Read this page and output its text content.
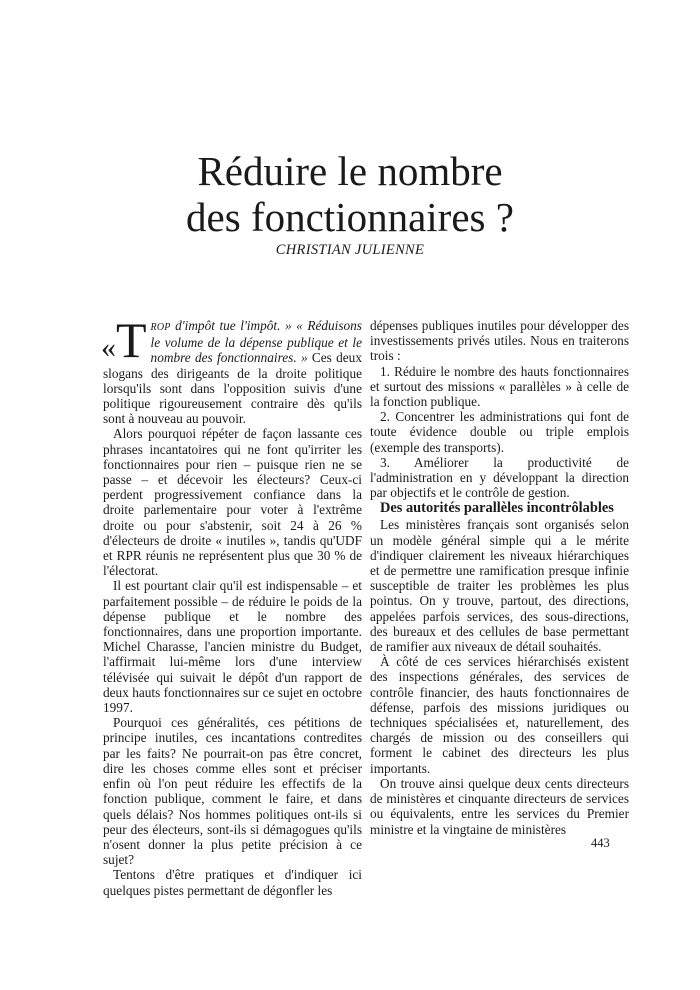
Réduire le nombre
des fonctionnaires ?
CHRISTIAN JULIENNE

«T ROP d'impôt tue l'impôt. » « Réduisons le volume de la dépense publique et le nombre des fonctionnaires. » Ces deux slogans des dirigeants de la droite politique lorsqu'ils sont dans l'opposition suivis d'une politique rigoureusement contraire dès qu'ils sont à nouveau au pouvoir.

Alors pourquoi répéter de façon lassante ces phrases incantatoires qui ne font qu'irriter les fonctionnaires pour rien – puisque rien ne se passe – et décevoir les électeurs? Ceux-ci perdent progressivement confiance dans la droite parlementaire pour voter à l'extrême droite ou pour s'abstenir, soit 24 à 26 % d'électeurs de droite « inutiles », tandis qu'UDF et RPR réunis ne représentent plus que 30 % de l'électorat.

Il est pourtant clair qu'il est indispensable – et parfaitement possible – de réduire le poids de la dépense publique et le nombre des fonctionnaires, dans une proportion importante. Michel Charasse, l'ancien ministre du Budget, l'affirmait lui-même lors d'une interview télévisée qui suivait le dépôt d'un rapport de deux hauts fonctionnaires sur ce sujet en octobre 1997.

Pourquoi ces généralités, ces pétitions de principe inutiles, ces incantations contredites par les faits? Ne pourrait-on pas être concret, dire les choses comme elles sont et préciser enfin où l'on peut réduire les effectifs de la fonction publique, comment le faire, et dans quels délais? Nos hommes politiques ont-ils si peur des électeurs, sont-ils si démagogues qu'ils n'osent donner la plus petite précision à ce sujet?

Tentons d'être pratiques et d'indiquer ici quelques pistes permettant de dégonfler les

dépenses publiques inutiles pour développer des investissements privés utiles. Nous en traiterons trois :

1. Réduire le nombre des hauts fonctionnaires et surtout des missions « parallèles » à celle de la fonction publique.

2. Concentrer les administrations qui font de toute évidence double ou triple emplois (exemple des transports).

3. Améliorer la productivité de l'administration en y développant la direction par objectifs et le contrôle de gestion.

Des autorités parallèles incontrôlables

Les ministères français sont organisés selon un modèle général simple qui a le mérite d'indiquer clairement les niveaux hiérarchiques et de permettre une ramification presque infinie susceptible de traiter les problèmes les plus pointus. On y trouve, partout, des directions, appelées parfois services, des sous-directions, des bureaux et des cellules de base permettant de ramifier aux niveaux de détail souhaités.

À côté de ces services hiérarchisés existent des inspections générales, des services de contrôle financier, des hauts fonctionnaires de défense, parfois des missions juridiques ou techniques spécialisées et, naturellement, des chargés de mission ou des conseillers qui forment le cabinet des directeurs les plus importants.

On trouve ainsi quelque deux cents directeurs de ministères et cinquante directeurs de services ou équivalents, entre les services du Premier ministre et la vingtaine de ministères

443
